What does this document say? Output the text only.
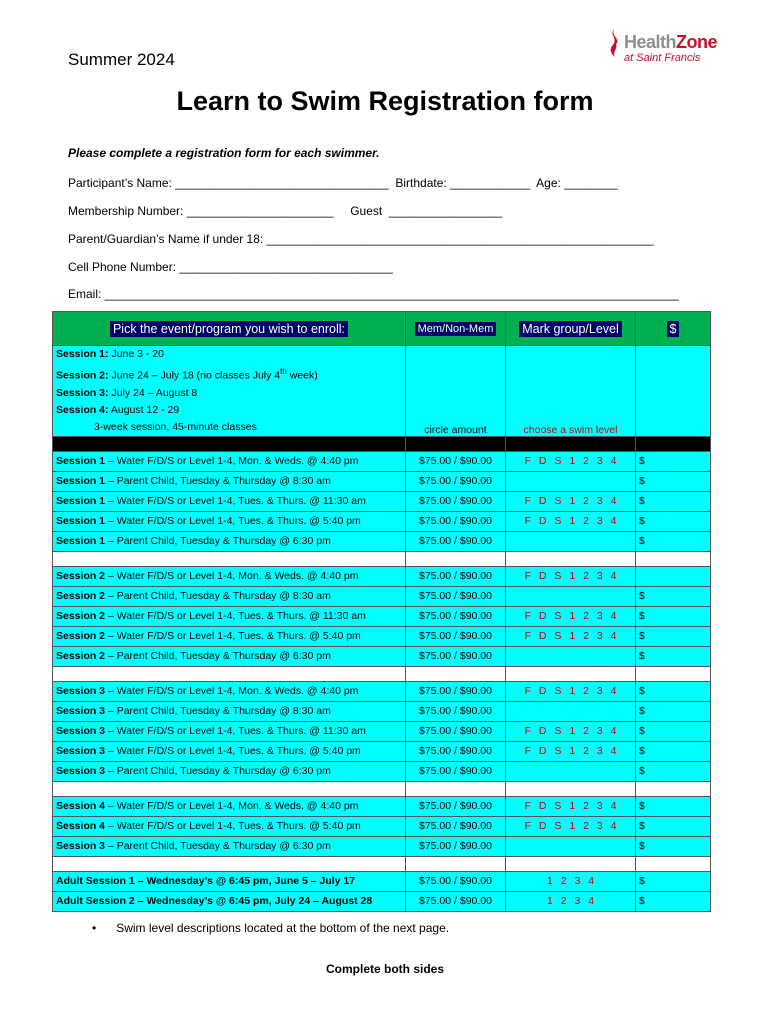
Summer 2024
HealthZone
at Saint Francis
Learn to Swim Registration form
Please complete a registration form for each swimmer.
Participant’s Name: ________________________________  Birthdate: ____________  Age: ________
Membership Number: ______________________     Guest  _________________
Parent/Guardian’s Name if under 18: __________________________________________________________
Cell Phone Number: ________________________________
Email: ______________________________________________________________________________________
Pick the event/program you wish to enroll:	Mem/Non-Mem	Mark group/Level	$

Session 1: June 3 - 20
Session 2: June 24 – July 18 (no classes July 4th week)
Session 3: July 24 – August 8
Session 4: August 12 - 29
3-week session, 45-minute classes	circle amount	choose a swim level	

Session 1 – Water F/D/S or Level 1-4, Mon. & Weds. @ 4:40 pm	$75.00 / $90.00	F D S 1 2 3 4	$
Session 1 – Parent Child, Tuesday & Thursday @ 8:30 am	$75.00 / $90.00		$
Session 1 – Water F/D/S or Level 1-4, Tues. & Thurs. @ 11:30 am	$75.00 / $90.00	F D S 1 2 3 4	$
Session 1 – Water F/D/S or Level 1-4, Tues. & Thurs. @ 5:40 pm	$75.00 / $90.00	F D S 1 2 3 4	$
Session 1 – Parent Child, Tuesday & Thursday @ 6:30 pm	$75.00 / $90.00		$

Session 2 – Water F/D/S or Level 1-4, Mon. & Weds. @ 4:40 pm	$75.00 / $90.00	F D S 1 2 3 4	
Session 2 – Parent Child, Tuesday & Thursday @ 8:30 am	$75.00 / $90.00		$
Session 2 – Water F/D/S or Level 1-4, Tues. & Thurs. @ 11:30 am	$75.00 / $90.00	F D S 1 2 3 4	$
Session 2 – Water F/D/S or Level 1-4, Tues. & Thurs. @ 5:40 pm	$75.00 / $90.00	F D S 1 2 3 4	$
Session 2 – Parent Child, Tuesday & Thursday @ 6:30 pm	$75.00 / $90.00		$

Session 3 – Water F/D/S or Level 1-4, Mon. & Weds. @ 4:40 pm	$75.00 / $90.00	F D S 1 2 3 4	$
Session 3 – Parent Child, Tuesday & Thursday @ 8:30 am	$75.00 / $90.00		$
Session 3 – Water F/D/S or Level 1-4, Tues. & Thurs. @ 11:30 am	$75.00 / $90.00	F D S 1 2 3 4	$
Session 3 – Water F/D/S or Level 1-4, Tues. & Thurs. @ 5:40 pm	$75.00 / $90.00	F D S 1 2 3 4	$
Session 3 – Parent Child, Tuesday & Thursday @ 6:30 pm	$75.00 / $90.00		$

Session 4 – Water F/D/S or Level 1-4, Mon. & Weds. @ 4:40 pm	$75.00 / $90.00	F D S 1 2 3 4	$
Session 4 – Water F/D/S or Level 1-4, Tues. & Thurs. @ 5:40 pm	$75.00 / $90.00	F D S 1 2 3 4	$
Session 3 – Parent Child, Tuesday & Thursday @ 6:30 pm	$75.00 / $90.00		$

Adult Session 1 – Wednesday’s @ 6:45 pm, June 5 – July 17	$75.00 / $90.00	1 2 3 4	$
Adult Session 2 – Wednesday’s @ 6:45 pm, July 24 – August 28	$75.00 / $90.00	1 2 3 4	$
•      Swim level descriptions located at the bottom of the next page.
Complete both sides
